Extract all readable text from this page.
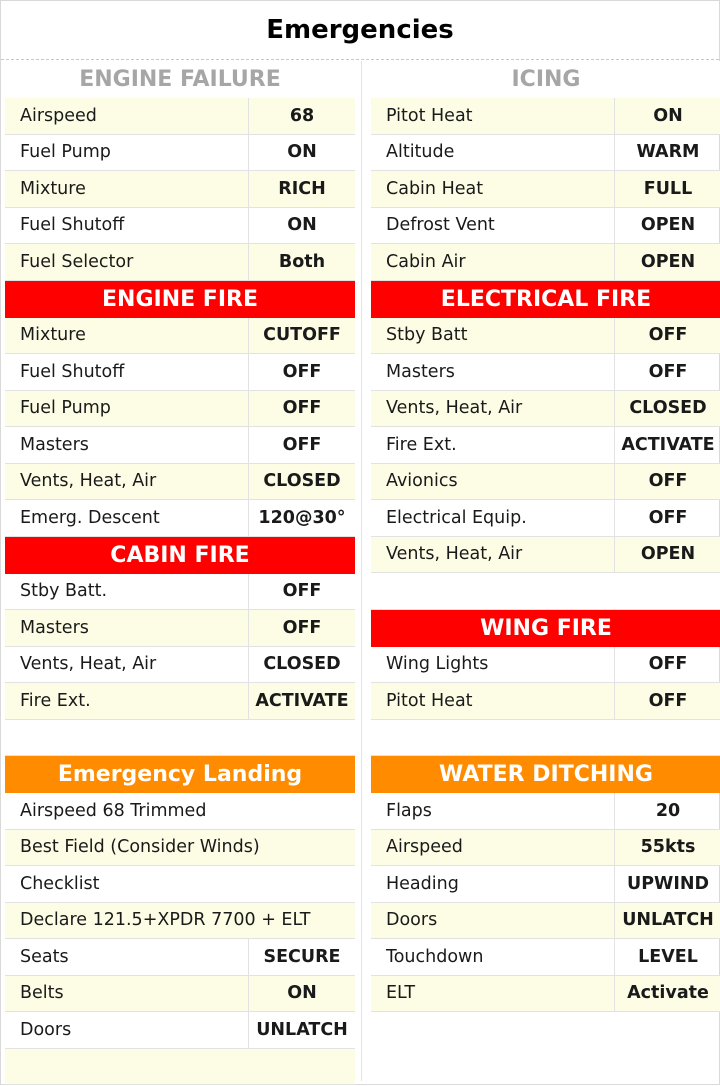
Emergencies
ENGINE FAILURE
Airspeed	68
Fuel Pump	ON
Mixture	RICH
Fuel Shutoff	ON
Fuel Selector	Both
ENGINE FIRE
Mixture	CUTOFF
Fuel Shutoff	OFF
Fuel Pump	OFF
Masters	OFF
Vents, Heat, Air	CLOSED
Emerg. Descent	120@30°
CABIN FIRE
Stby Batt.	OFF
Masters	OFF
Vents, Heat, Air	CLOSED
Fire Ext.	ACTIVATE
Emergency Landing
Airspeed 68 Trimmed
Best Field (Consider Winds)
Checklist
Declare 121.5+XPDR 7700 + ELT
Seats	SECURE
Belts	ON
Doors	UNLATCH
ICING
Pitot Heat	ON
Altitude	WARM
Cabin Heat	FULL
Defrost Vent	OPEN
Cabin Air	OPEN
ELECTRICAL FIRE
Stby Batt	OFF
Masters	OFF
Vents, Heat, Air	CLOSED
Fire Ext.	ACTIVATE
Avionics	OFF
Electrical Equip.	OFF
Vents, Heat, Air	OPEN
WING FIRE
Wing Lights	OFF
Pitot Heat	OFF
WATER DITCHING
Flaps	20
Airspeed	55kts
Heading	UPWIND
Doors	UNLATCH
Touchdown	LEVEL
ELT	Activate
